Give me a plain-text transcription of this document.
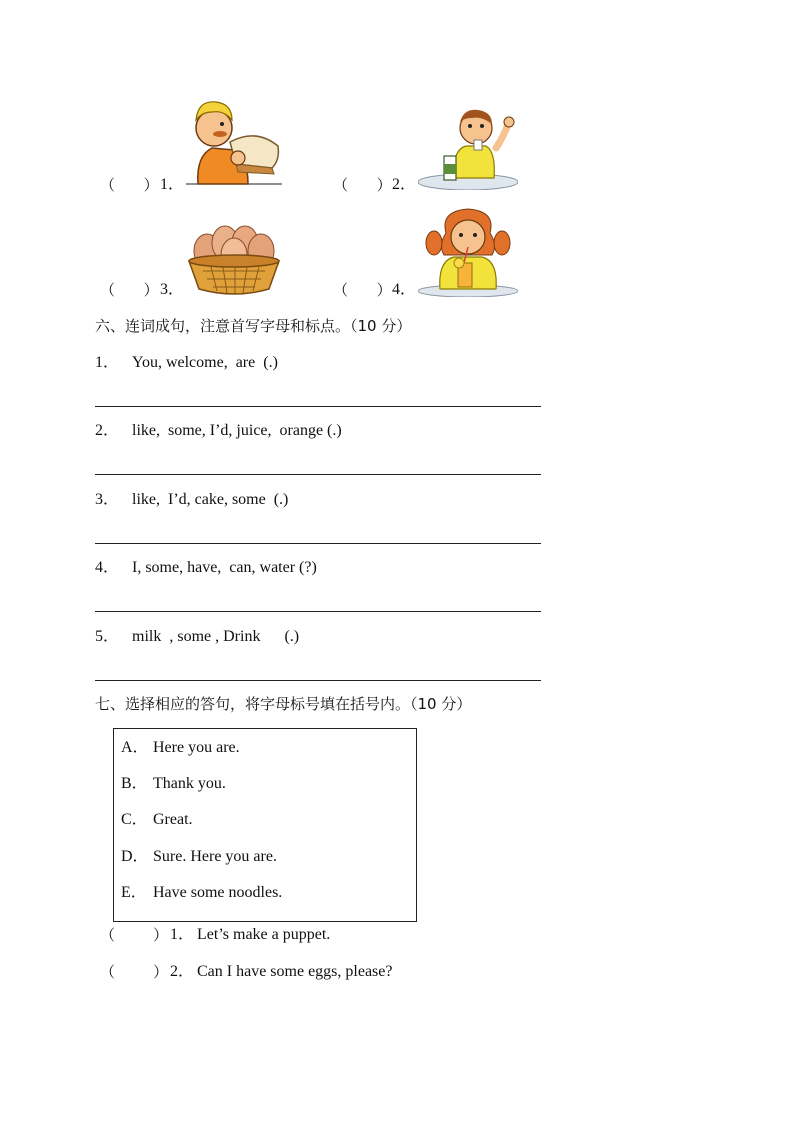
（      ） 1．	（      ） 2．
（      ） 3．	（      ） 4．
六、连词成句，注意首写字母和标点。（10 分）
1． You, welcome,  are  (.)
2． like,  some, I’d, juice,  orange (.)
3． like,  I’d, cake, some  (.)
4． I, some, have,  can, water (?)
5． milk  , some , Drink      (.)
七、选择相应的答句，将字母标号填在括号内。（10 分）
A． Here you are.
B． Thank you.
C． Great.
D． Sure. Here you are.
E． Have some noodles.
（        ） 1． Let’s make a puppet.
（        ） 2． Can I have some eggs, please?
